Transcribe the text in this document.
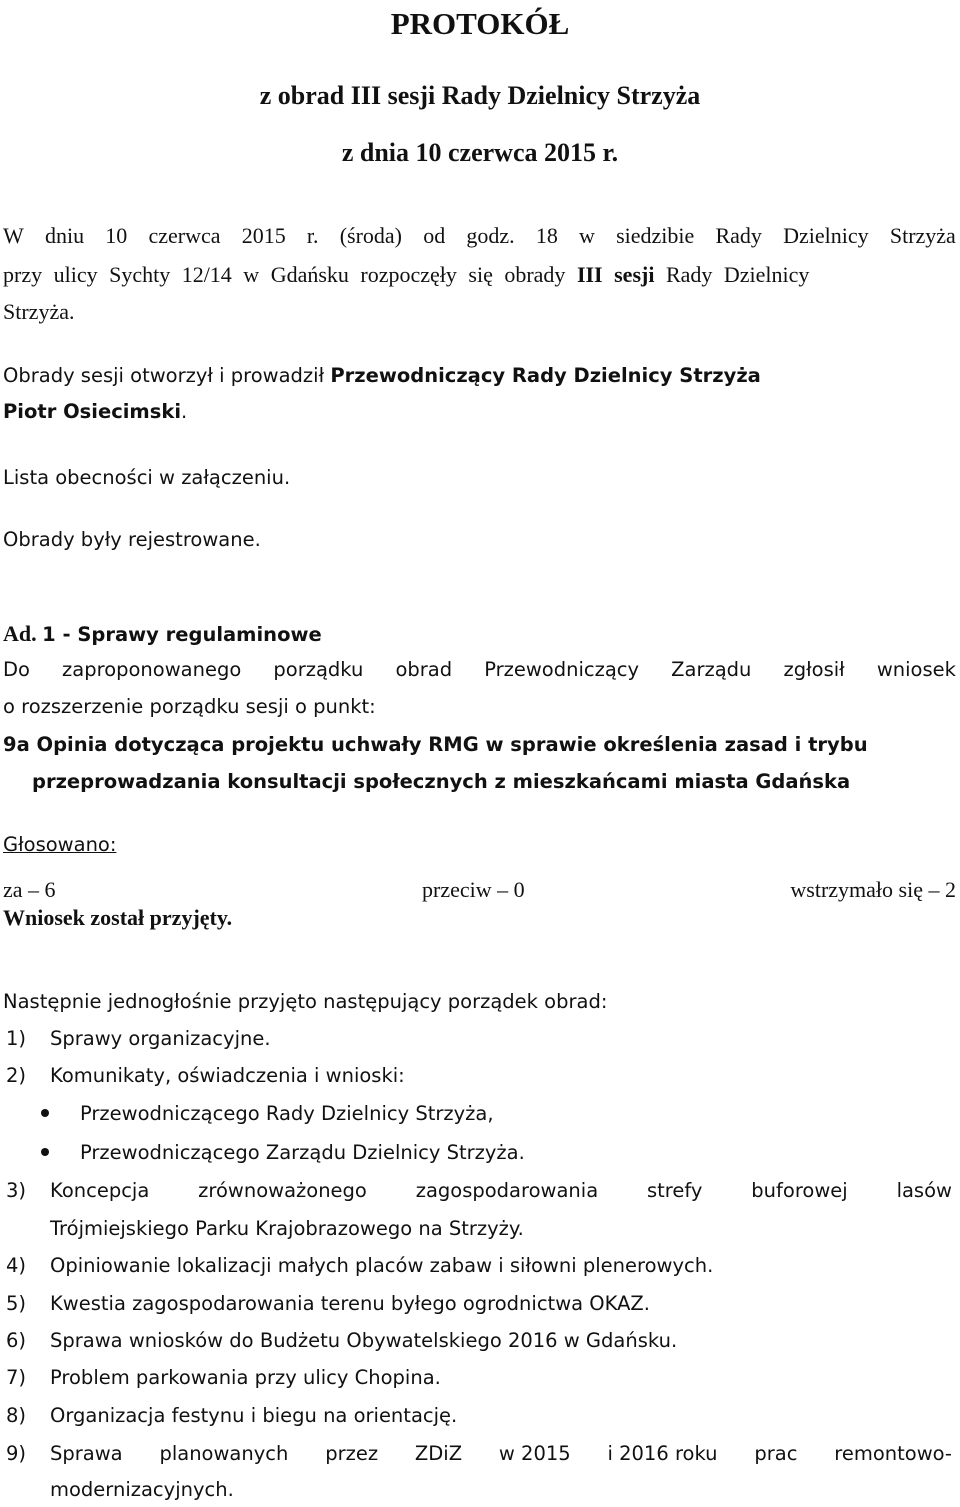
PROTOKÓŁ
z obrad III sesji Rady Dzielnicy Strzyża
z dnia 10 czerwca 2015 r.
W dniu 10 czerwca 2015 r. (środa) od godz. 18 w siedzibie Rady Dzielnicy Strzyża
przy ulicy Sychty 12/14 w Gdańsku rozpoczęły się obrady III sesji Rady Dzielnicy
Strzyża.
Obrady sesji otworzył i prowadził Przewodniczący Rady Dzielnicy Strzyża
Piotr Osiecimski.
Lista obecności w załączeniu.
Obrady były rejestrowane.
Ad. 1 - Sprawy regulaminowe
Do zaproponowanego porządku obrad Przewodniczący Zarządu zgłosił wniosek
o rozszerzenie porządku sesji o punkt:
9a Opinia dotycząca projektu uchwały RMG w sprawie określenia zasad i trybu
przeprowadzania konsultacji społecznych z mieszkańcami miasta Gdańska
Głosowano:
za – 6	przeciw – 0	wstrzymało się – 2
Wniosek został przyjęty.
Następnie jednogłośnie przyjęto następujący porządek obrad:
1) Sprawy organizacyjne.
2) Komunikaty, oświadczenia i wnioski:
Przewodniczącego Rady Dzielnicy Strzyża,
Przewodniczącego Zarządu Dzielnicy Strzyża.
3) Koncepcja	zrównoważonego	zagospodarowania	strefy	buforowej	lasów
Trójmiejskiego Parku Krajobrazowego na Strzyży.
4) Opiniowanie lokalizacji małych placów zabaw i siłowni plenerowych.
5) Kwestia zagospodarowania terenu byłego ogrodnictwa OKAZ.
6) Sprawa wniosków do Budżetu Obywatelskiego 2016 w Gdańsku.
7) Problem parkowania przy ulicy Chopina.
8) Organizacja festynu i biegu na orientację.
9) Sprawa planowanych przez ZDiZ w 2015 i 2016 roku prac remontowo-
modernizacyjnych.
